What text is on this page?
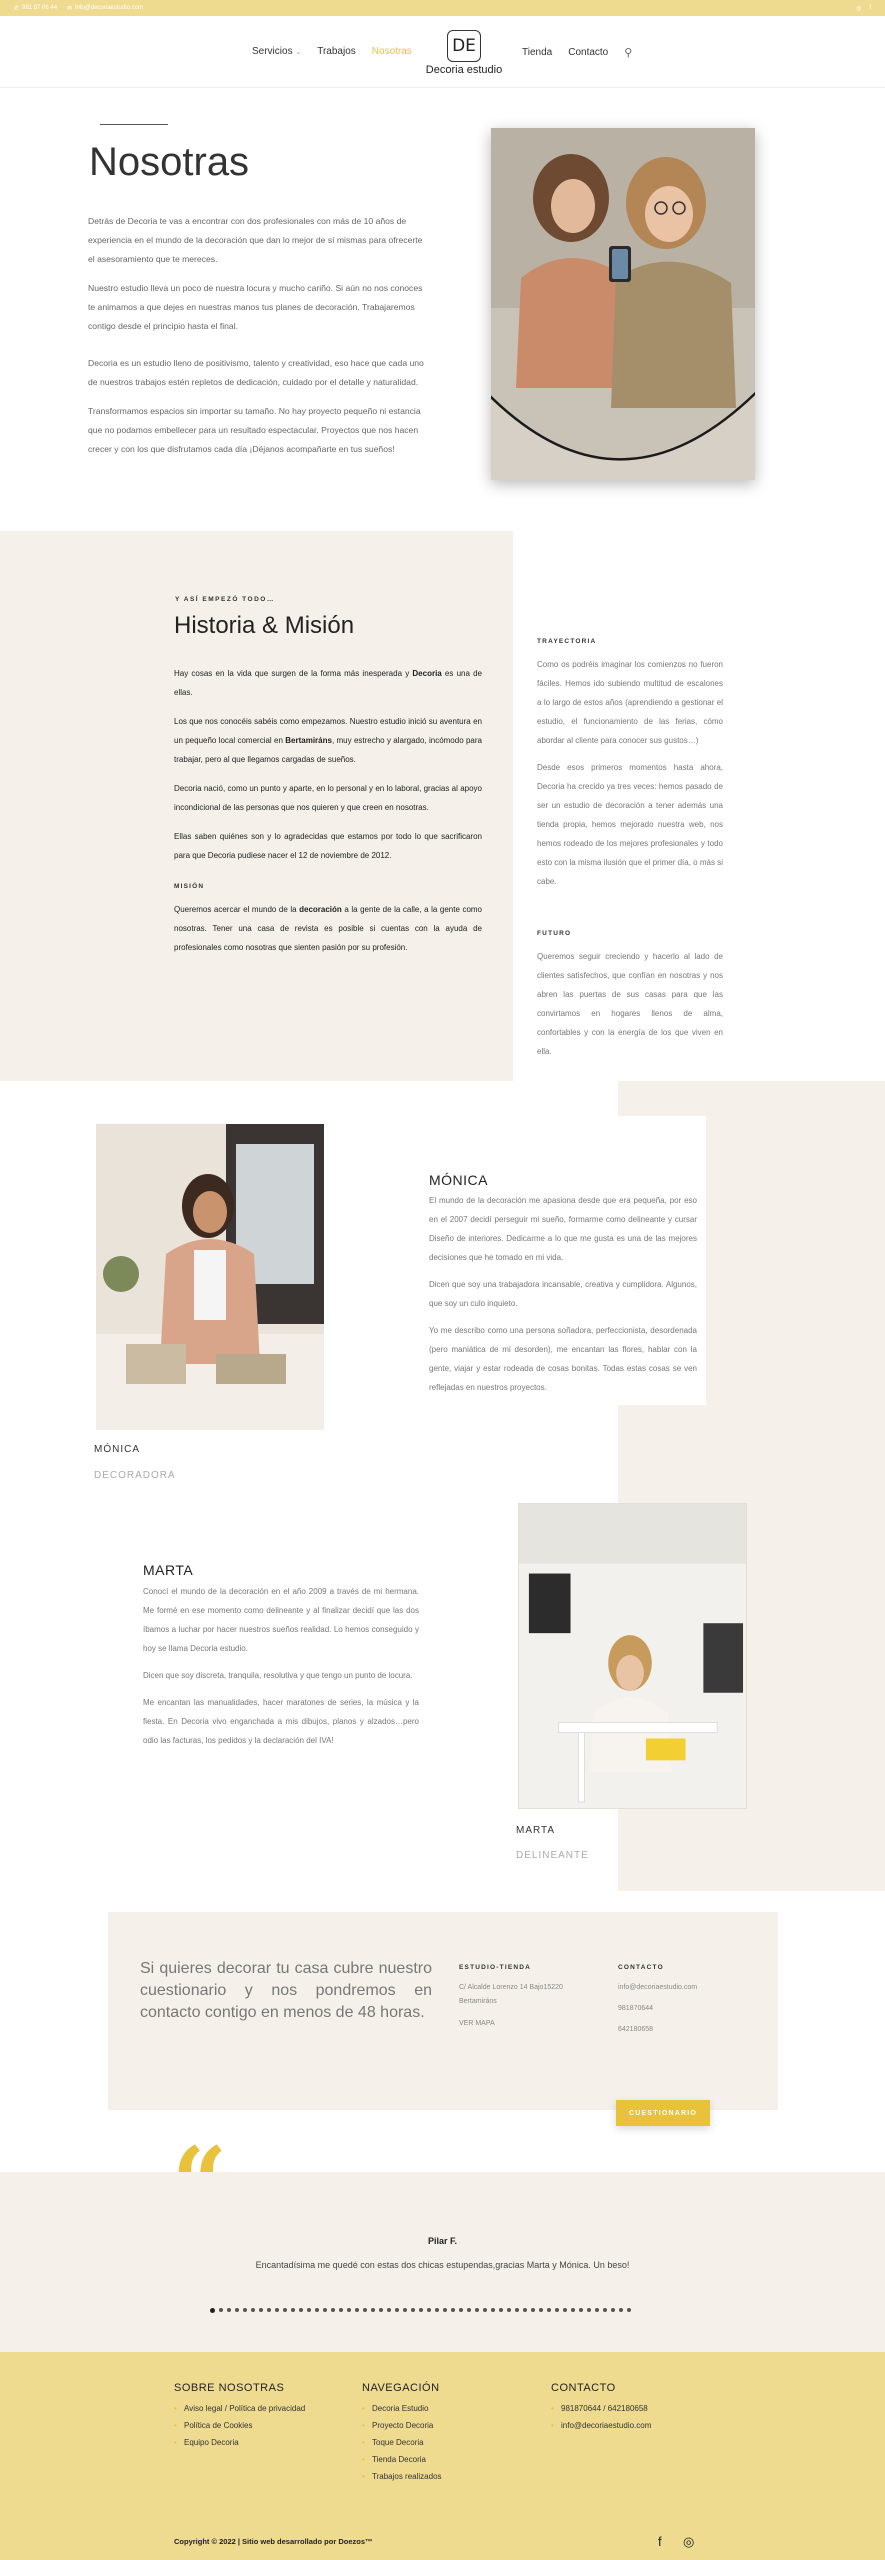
✆ 981 87 06 44 ✉ info@decoriaestudio.com	◎ f
Servicios ⌄ Trabajos Nosotras DE
Decoria estudio
Tienda Contacto ⚲
Nosotras

Detrás de Decoria te vas a encontrar con dos profesionales con más de 10 años de experiencia en el mundo de la decoración que dan lo mejor de sí mismas para ofrecerte el asesoramiento que te mereces.

Nuestro estudio lleva un poco de nuestra locura y mucho cariño. Si aún no nos conoces te animamos a que dejes en nuestras manos tus planes de decoración. Trabajaremos contigo desde el principio hasta el final.

Decoria es un estudio lleno de positivismo, talento y creatividad, eso hace que cada uno de nuestros trabajos estén repletos de dedicación, cuidado por el detalle y naturalidad.

Transformamos espacios sin importar su tamaño. No hay proyecto pequeño ni estancia que no podamos embellecer para un resultado espectacular. Proyectos que nos hacen crecer y con los que disfrutamos cada día ¡Déjanos acompañarte en tus sueños!

Y ASÍ EMPEZÓ TODO…
Historia & Misión

Hay cosas en la vida que surgen de la forma más inesperada y Decoria es una de ellas.

Los que nos conocéis sabéis como empezamos. Nuestro estudio inició su aventura en un pequeño local comercial en Bertamiráns, muy estrecho y alargado, incómodo para trabajar, pero al que llegamos cargadas de sueños.

Decoria nació, como un punto y aparte, en lo personal y en lo laboral, gracias al apoyo incondicional de las personas que nos quieren y que creen en nosotras.

Ellas saben quiénes son y lo agradecidas que estamos por todo lo que sacrificaron para que Decoria pudiese nacer el 12 de noviembre de 2012.

MISIÓN

Queremos acercar el mundo de la decoración a la gente de la calle, a la gente como nosotras. Tener una casa de revista es posible si cuentas con la ayuda de profesionales como nosotras que sienten pasión por su profesión.

TRAYECTORIA

Como os podréis imaginar los comienzos no fueron fáciles. Hemos ido subiendo multitud de escalones a lo largo de estos años (aprendiendo a gestionar el estudio, el funcionamiento de las ferias, cómo abordar al cliente para conocer sus gustos…)

Desde esos primeros momentos hasta ahora, Decoria ha crecido ya tres veces: hemos pasado de ser un estudio de decoración a tener además una tienda propia, hemos mejorado nuestra web, nos hemos rodeado de los mejores profesionales y todo esto con la misma ilusión que el primer día, o más si cabe.

FUTURO

Queremos seguir creciendo y hacerlo al lado de clientes satisfechos, que confían en nosotras y nos abren las puertas de sus casas para que las convirtamos en hogares llenos de alma, confortables y con la energía de los que viven en ella.

MÓNICA
DECORADORA
MÓNICA

El mundo de la decoración me apasiona desde que era pequeña, por eso en el 2007 decidí perseguir mi sueño, formarme como delineante y cursar Diseño de interiores. Dedicarme a lo que me gusta es una de las mejores decisiones que he tomado en mi vida.

Dicen que soy una trabajadora incansable, creativa y cumplidora. Algunos, que soy un culo inquieto.

Yo me describo como una persona soñadora, perfeccionista, desordenada (pero maniática de mi desorden), me encantan las flores, hablar con la gente, viajar y estar rodeada de cosas bonitas. Todas estas cosas se ven reflejadas en nuestros proyectos.

MARTA

Conocí el mundo de la decoración en el año 2009 a través de mi hermana. Me formé en ese momento como delineante y al finalizar decidí que las dos íbamos a luchar por hacer nuestros sueños realidad. Lo hemos conseguido y hoy se llama Decoria estudio.

Dicen que soy discreta, tranquila, resolutiva y que tengo un punto de locura.

Me encantan las manualidades, hacer maratones de series, la música y la fiesta. En Decoria vivo enganchada a mis dibujos, planos y alzados…pero odio las facturas, los pedidos y la declaración del IVA!

MARTA
DELINEANTE
Si quieres decorar tu casa cubre nuestro cuestionario y nos pondremos en contacto contigo en menos de 48 horas.
ESTUDIO-TIENDA
C/ Alcalde Lorenzo 14 Bajo15220 Bertamiráns
VER MAPA
CONTACTO
info@decoriaestudio.com
981870644
642180658
CUESTIONARIO
“
Pilar F.
Encantadísima me quedé con estas dos chicas estupendas,gracias Marta y Mónica. Un beso!
SOBRE NOSOTRAS
• Aviso legal / Política de privacidad
• Política de Cookies
• Equipo Decoria
NAVEGACIÓN
• Decoria Estudio
• Proyecto Decoria
• Toque Decoria
• Tienda Decoria
• Trabajos realizados
CONTACTO
• 981870644 / 642180658
• info@decoriaestudio.com
Copyright © 2022 | Sitio web desarrollado por Doezos™	f ◎
